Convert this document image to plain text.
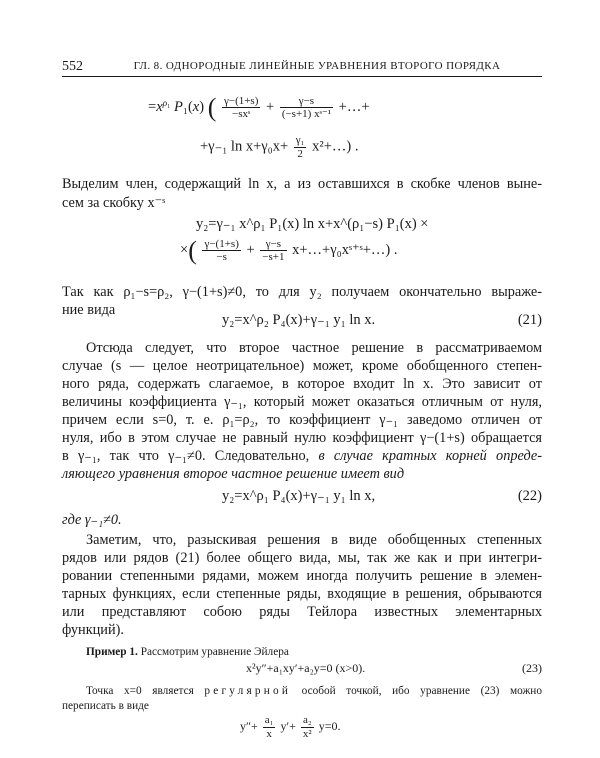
552	ГЛ. 8. ОДНОРОДНЫЕ ЛИНЕЙНЫЕ УРАВНЕНИЯ ВТОРОГО ПОРЯДКА
$=x^{\rho_1}$ P₁(x) ( $\frac{\gamma-(1+s)}{\text{−sxˢ}} + \frac{\gamma-s}{\text{(−s+1) xˢ⁻¹}}$ +…+
+γ₋₁ $\ln x+\gamma_0x+ \frac{\text{γ₁}}{2}$ x²+…) .
Выделим член, содержащий ln x, а из оставшихся в скобке членов выне-
сем за скобку x⁻ˢ
y₂=γ₋₁ x^ρ₁ P₁(x) ln x+x^(ρ₁−s) P₁(x) ×
×( $\frac{\gamma-(1+s)}{-s} + \frac{\gamma-s}{-s+1}$ x+…+γ₀xˢ⁺ˢ+…) .
Так как ρ₁−s=ρ₂, γ−(1+s)≠0, то для y₂ получаем окончательно выраже-
ние вида
y₂=x^ρ₂ P₄(x)+γ₋₁ y₁ ln x.	(21)
Отсюда следует, что второе частное решение в рассматриваемом
случае (s — целое неотрицательное) может, кроме обобщенного степен-
ного ряда, содержать слагаемое, в которое входит ln x. Это зависит от
величины коэффициента γ₋₁, который может оказаться отличным от нуля,
причем если s=0, т. е. ρ₁=ρ₂, то коэффициент γ₋₁ заведомо отличен от
нуля, ибо в этом случае не равный нулю коэффициент γ−(1+s) обращается
в γ₋₁, так что γ₋₁≠0. Следовательно, в случае кратных корней опреде-
ляющего уравнения второе частное решение имеет вид
y₂=x^ρ₁ P₄(x)+γ₋₁ y₁ ln x,	(22)
где γ₋₁≠0.
Заметим, что, разыскивая решения в виде обобщенных степенных
рядов или рядов (21) более общего вида, мы, так же как и при интегри-
ровании степенными рядами, можем иногда получить решение в элемен-
тарных функциях, если степенные ряды, входящие в решения, обрываются
или представляют собою ряды Тейлора известных элементарных
функций).
Пример 1. Рассмотрим уравнение Эйлера
x²y″+a₁xy′+a₂y=0 (x>0).	(23)
Точка x=0 является регулярной особой точкой, ибо уравнение (23) можно
переписать в виде
$y''+ \frac{\text{a₁}}{x} y'+ \frac{\text{a₂}}{\text{x²}} y=0$.
